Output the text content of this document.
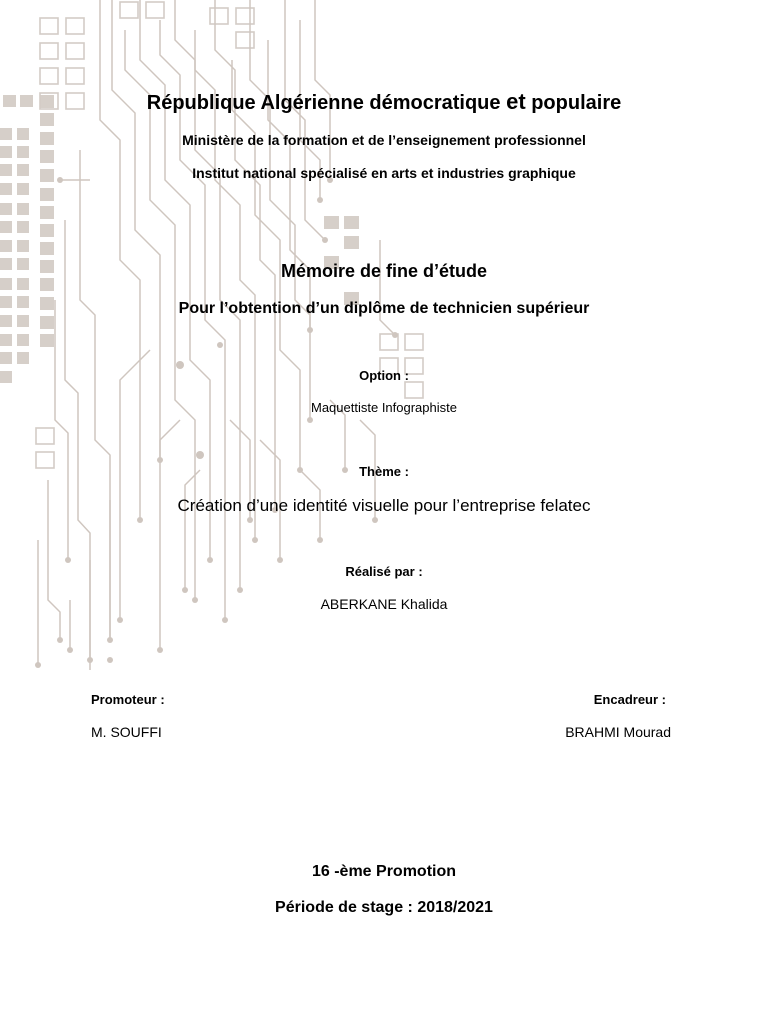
République Algérienne démocratique et populaire
Ministère de la formation et de l’enseignement professionnel
Institut national spécialisé en arts et industries graphique
Mémoire de fine d’étude
Pour l’obtention d’un diplôme de technicien supérieur
Option :
Maquettiste Infographiste
Thème :
Création d’une identité visuelle pour l’entreprise felatec
Réalisé par :
ABERKANE Khalida
Promoteur :
M. SOUFFI
Encadreur :
BRAHMI Mourad
16 -ème Promotion
Période de stage : 2018/2021
